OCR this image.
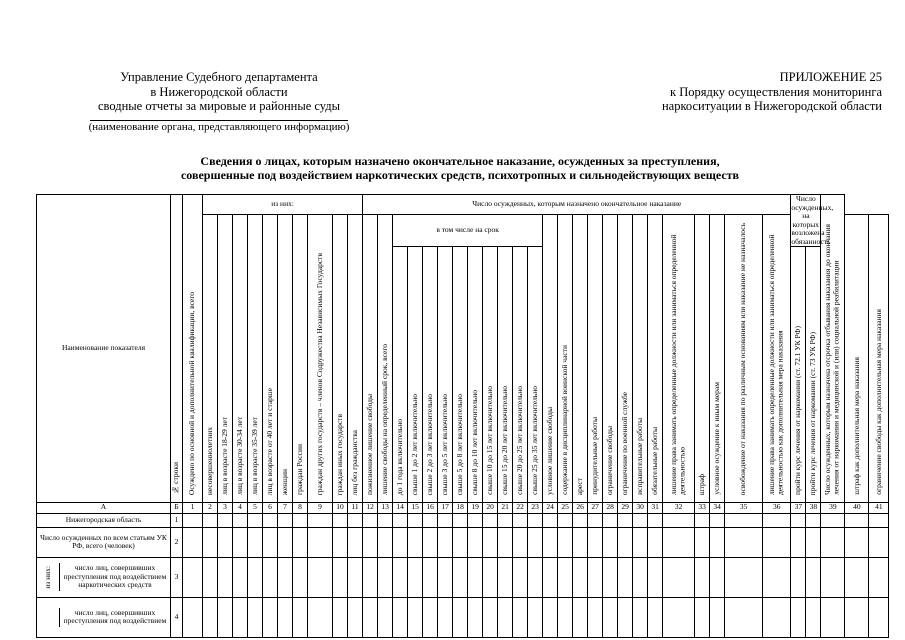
Управление Судебного департамента
в Нижегородской области
сводные отчеты за мировые и районные суды
(наименование органа, представляющего информацию)
ПРИЛОЖЕНИЕ 25
к Порядку осуществления мониторинга
наркоситуации в Нижегородской области
Сведения о лицах, которым назначено окончательное наказание, осужденных за преступления,
совершенные под воздействием наркотических средств, психотропных и сильнодействующих веществ
Наименование показателя	№ строки	Осуждено по основной и дополнительной квалификации, всего	из них:										Число осужденных, которым назначено окончательное наказание																									Число осужденных, на которых возложена обязанность		Число осужденных, которым назначена отсрочка отбывания наказания до окончания лечения от наркомании и медицинской и (или) социальной реабилитации		
			несовершеннолетних	лиц в возрасте 18-29 лет	лиц в возрасте 30-34 лет	лиц в возрасте 35-39 лет	лиц в возрасте от 40 лет и старше	женщин	граждан России	граждан других государств – членов Содружества Независимых Государств	граждан иных государств	лиц без гражданства	пожизненное лишение свободы	лишение свободы на определенный срок, всего	в том числе на срок										условное лишение свободы	содержание в дисциплинарной воинской части	арест	принудительные работы	ограничение свободы	ограничение по военной службе	исправительные работы	обязательные работы	лишение права занимать определенные должности или заниматься определенной деятельностью	штраф	условное осуждение к иным мерам	освобождение от наказания по различным основаниям или наказание не назначалось	лишение права занимать определенные должности или заниматься определенной деятельностью как дополнительная мера наказания				штраф как дополнительная мера наказания	ограничение свободы как дополнительная мера наказания
															до 1 года включительно	свыше 1 до 2 лет включительно	свыше 2 до 3 лет включительно	свыше 3 до 5 лет включительно	свыше 5 до 8 лет включительно	свыше 8 до 10 лет включительно	свыше 10 до 15 лет включительно	свыше 15 до 20 лет включительно	свыше 20 до 25 лет включительно	свыше 25 до 35 лет включительно														пройти курс лечения от наркомании (ст. 72.1 УК РФ)	пройти курс лечения от наркомании (ст. 73 УК РФ)			
А	Б	1	2	3	4	5	6	7	8	9	10	11	12	13	14	15	16	17	18	19	20	21	22	23	24	25	26	27	28	29	30	31	32	33	34	35	36	37	38	39	40	41
Нижегородская область	1																																									
Число осужденных по всем статьям УК РФ, всего (человек)	2																																									

из них: число лиц, совершивших преступления под воздействием наркотических средств	3																																									

число лиц, совершивших преступления под воздействием	4																																									
